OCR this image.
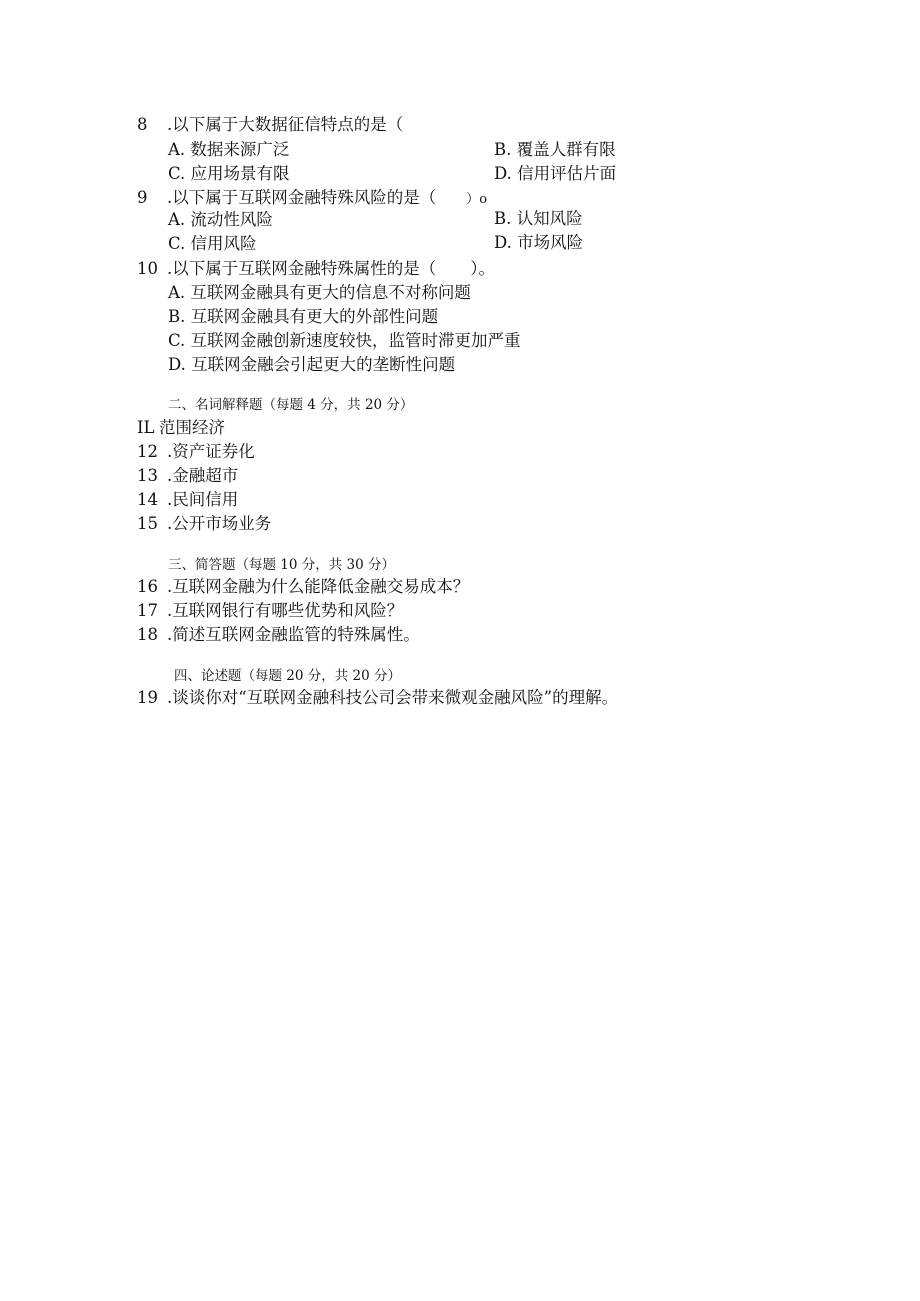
8 .以下属于大数据征信特点的是（
A. 数据来源广泛	B. 覆盖人群有限
C. 应用场景有限	D. 信用评估片面
9 .以下属于互联网金融特殊风险的是（ ）o
A. 流动性风险	B. 认知风险
C. 信用风险	D. 市场风险
10 .以下属于互联网金融特殊属性的是（ ）。
A. 互联网金融具有更大的信息不对称问题
B. 互联网金融具有更大的外部性问题
C. 互联网金融创新速度较快，监管时滞更加严重
D. 互联网金融会引起更大的垄断性问题
二、名词解释题（每题 4 分，共 20 分）
IL 范围经济
12 .资产证券化
13 .金融超市
14 .民间信用
15 .公开市场业务
三、简答题（每题 10 分，共 30 分）
16 .互联网金融为什么能降低金融交易成本？
17 .互联网银行有哪些优势和风险？
18 .简述互联网金融监管的特殊属性。
四、论述题（每题 20 分，共 20 分）
19 .谈谈你对“互联网金融科技公司会带来微观金融风险”的理解。
